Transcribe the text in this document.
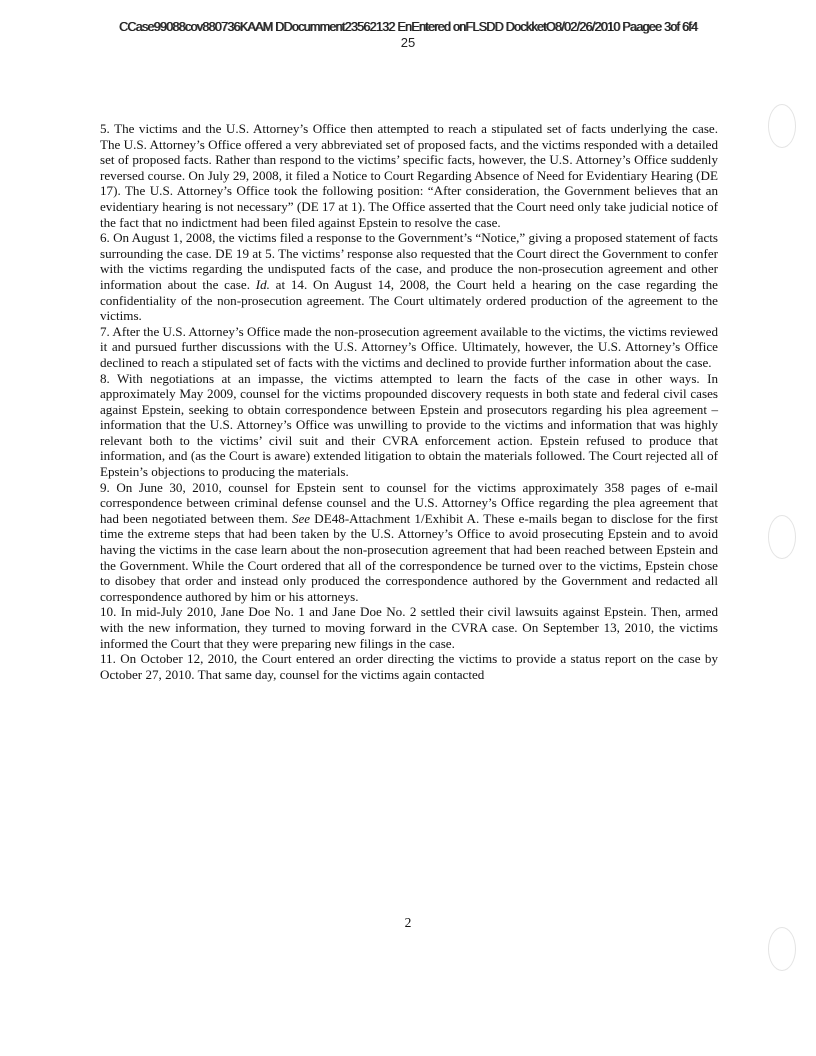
CCase99088cov880736KAAM DDocumment23562132 EnEntered onFLSDD DockketO8/02/26/2010 Paagee 3of 6f4
25

5. The victims and the U.S. Attorney’s Office then attempted to reach a stipulated set of facts underlying the case. The U.S. Attorney’s Office offered a very abbreviated set of proposed facts, and the victims responded with a detailed set of proposed facts. Rather than respond to the victims’ specific facts, however, the U.S. Attorney’s Office suddenly reversed course. On July 29, 2008, it filed a Notice to Court Regarding Absence of Need for Evidentiary Hearing (DE 17). The U.S. Attorney’s Office took the following position: “After consideration, the Government believes that an evidentiary hearing is not necessary” (DE 17 at 1). The Office asserted that the Court need only take judicial notice of the fact that no indictment had been filed against Epstein to resolve the case.

6. On August 1, 2008, the victims filed a response to the Government’s “Notice,” giving a proposed statement of facts surrounding the case. DE 19 at 5. The victims’ response also requested that the Court direct the Government to confer with the victims regarding the undisputed facts of the case, and produce the non-prosecution agreement and other information about the case. Id. at 14. On August 14, 2008, the Court held a hearing on the case regarding the confidentiality of the non-prosecution agreement. The Court ultimately ordered production of the agreement to the victims.

7. After the U.S. Attorney’s Office made the non-prosecution agreement available to the victims, the victims reviewed it and pursued further discussions with the U.S. Attorney’s Office. Ultimately, however, the U.S. Attorney’s Office declined to reach a stipulated set of facts with the victims and declined to provide further information about the case.

8. With negotiations at an impasse, the victims attempted to learn the facts of the case in other ways. In approximately May 2009, counsel for the victims propounded discovery requests in both state and federal civil cases against Epstein, seeking to obtain correspondence between Epstein and prosecutors regarding his plea agreement – information that the U.S. Attorney’s Office was unwilling to provide to the victims and information that was highly relevant both to the victims’ civil suit and their CVRA enforcement action. Epstein refused to produce that information, and (as the Court is aware) extended litigation to obtain the materials followed. The Court rejected all of Epstein’s objections to producing the materials.

9. On June 30, 2010, counsel for Epstein sent to counsel for the victims approximately 358 pages of e-mail correspondence between criminal defense counsel and the U.S. Attorney’s Office regarding the plea agreement that had been negotiated between them. See DE48-Attachment 1/Exhibit A. These e-mails began to disclose for the first time the extreme steps that had been taken by the U.S. Attorney’s Office to avoid prosecuting Epstein and to avoid having the victims in the case learn about the non-prosecution agreement that had been reached between Epstein and the Government. While the Court ordered that all of the correspondence be turned over to the victims, Epstein chose to disobey that order and instead only produced the correspondence authored by the Government and redacted all correspondence authored by him or his attorneys.

10. In mid-July 2010, Jane Doe No. 1 and Jane Doe No. 2 settled their civil lawsuits against Epstein. Then, armed with the new information, they turned to moving forward in the CVRA case. On September 13, 2010, the victims informed the Court that they were preparing new filings in the case.

11. On October 12, 2010, the Court entered an order directing the victims to provide a status report on the case by October 27, 2010. That same day, counsel for the victims again contacted

2
